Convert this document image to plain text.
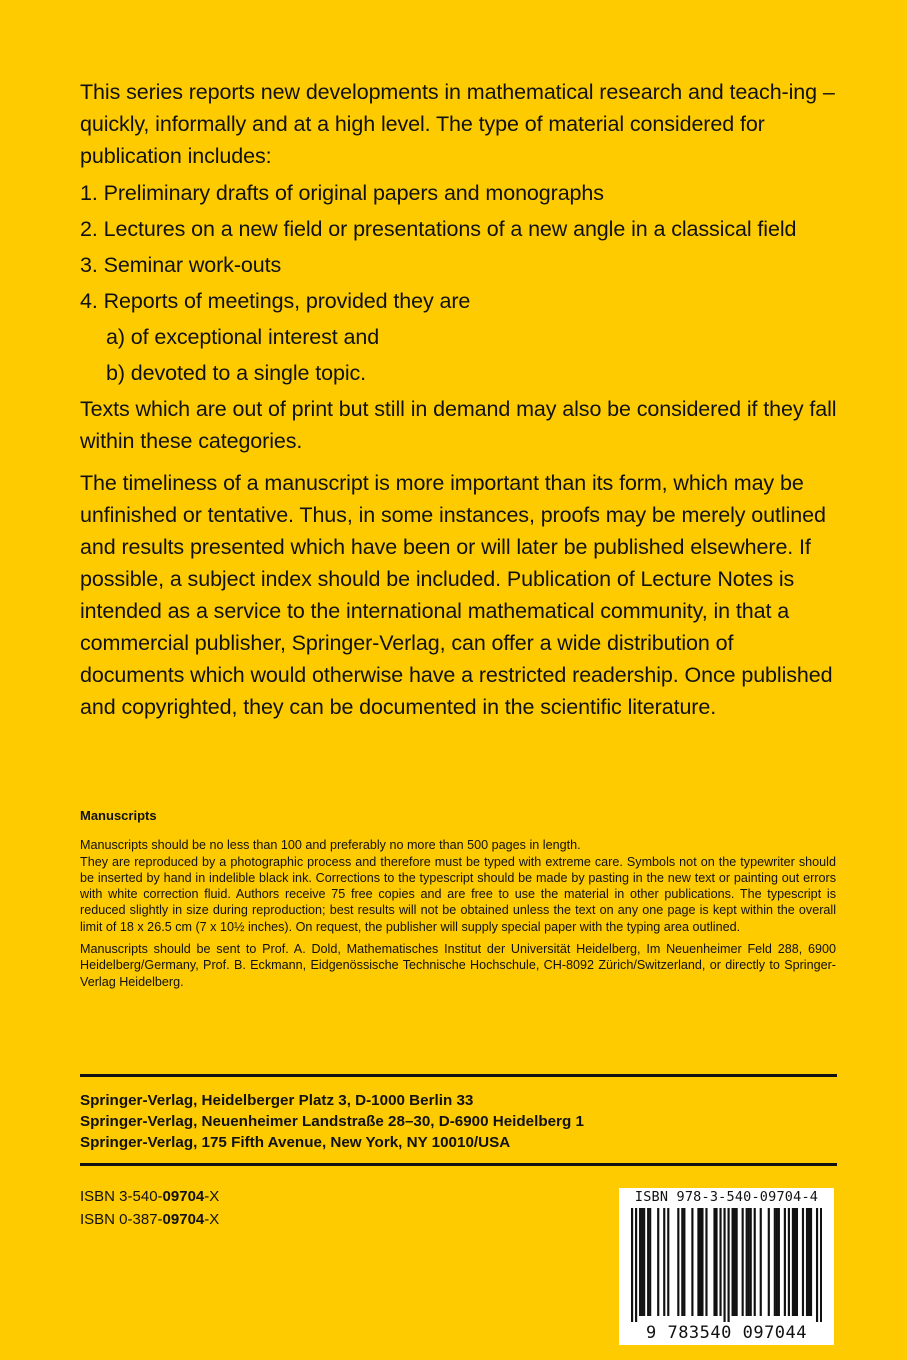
This series reports new developments in mathematical research and teach-ing – quickly, informally and at a high level. The type of material considered for publication includes:

1. Preliminary drafts of original papers and monographs
2. Lectures on a new field or presentations of a new angle in a classical field
3. Seminar work-outs
4. Reports of meetings, provided they are
a) of exceptional interest and
b) devoted to a single topic.

Texts which are out of print but still in demand may also be considered if they fall within these categories.

The timeliness of a manuscript is more important than its form, which may be unfinished or tentative. Thus, in some instances, proofs may be merely outlined and results presented which have been or will later be published elsewhere. If possible, a subject index should be included. Publication of Lecture Notes is intended as a service to the international mathematical community, in that a commercial publisher, Springer-Verlag, can offer a wide distribution of documents which would otherwise have a restricted readership. Once published and copyrighted, they can be documented in the scientific literature.

Manuscripts

Manuscripts should be no less than 100 and preferably no more than 500 pages in length.

They are reproduced by a photographic process and therefore must be typed with extreme care. Symbols not on the typewriter should be inserted by hand in indelible black ink. Corrections to the typescript should be made by pasting in the new text or painting out errors with white correction fluid. Authors receive 75 free copies and are free to use the material in other publications. The typescript is reduced slightly in size during reproduction; best results will not be obtained unless the text on any one page is kept within the overall limit of 18 x 26.5 cm (7 x 10½ inches). On request, the publisher will supply special paper with the typing area outlined.

Manuscripts should be sent to Prof. A. Dold, Mathematisches Institut der Universität Heidelberg, Im Neuenheimer Feld 288, 6900 Heidelberg/Germany, Prof. B. Eckmann, Eidgenössische Technische Hochschule, CH-8092 Zürich/Switzerland, or directly to Springer-Verlag Heidelberg.

Springer-Verlag, Heidelberger Platz 3, D-1000 Berlin 33
Springer-Verlag, Neuenheimer Landstraße 28–30, D-6900 Heidelberg 1
Springer-Verlag, 175 Fifth Avenue, New York, NY 10010/USA
ISBN 3-540-09704-X
ISBN 0-387-09704-X
ISBN 978-3-540-09704-4
9 783540 097044
